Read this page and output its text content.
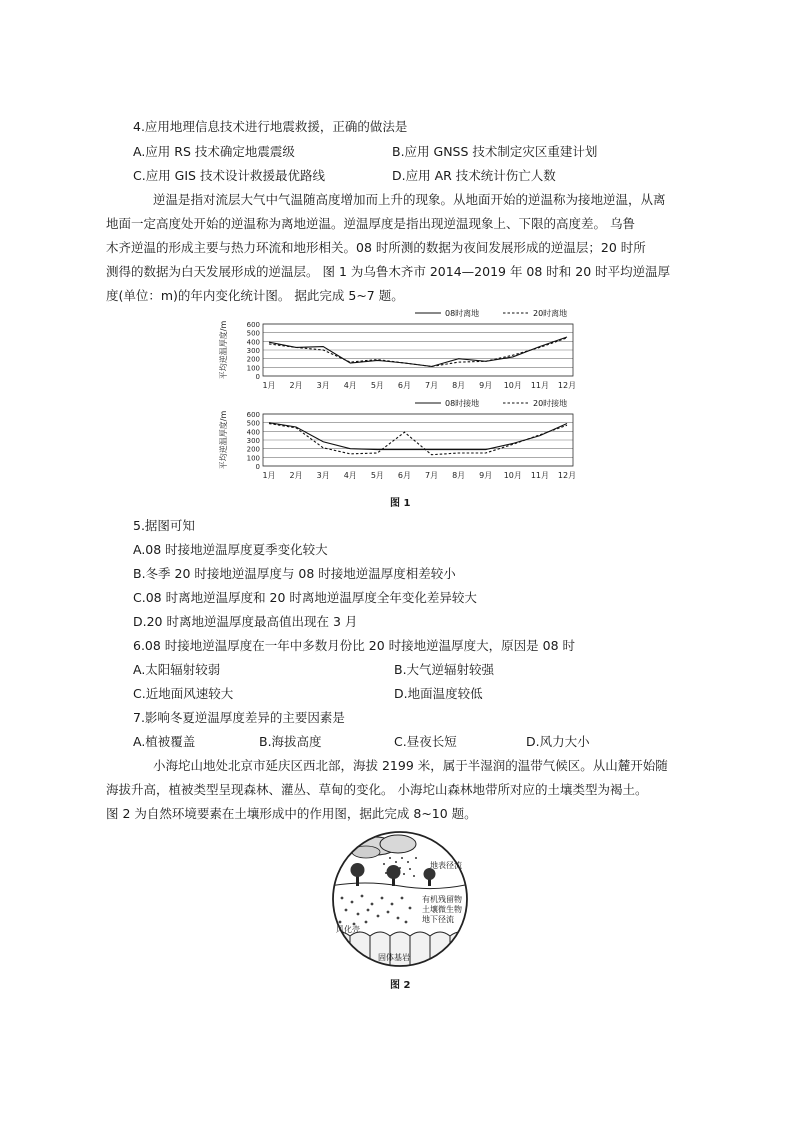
4.应用地理信息技术进行地震救援，正确的做法是
A.应用 RS 技术确定地震震级	B.应用 GNSS 技术制定灾区重建计划
C.应用 GIS 技术设计救援最优路线	D.应用 AR 技术统计伤亡人数
逆温是指对流层大气中气温随高度增加而上升的现象。从地面开始的逆温称为接地逆温，从离
地面一定高度处开始的逆温称为离地逆温。逆温厚度是指出现逆温现象上、下限的高度差。 乌鲁
木齐逆温的形成主要与热力环流和地形相关。08 时所测的数据为夜间发展形成的逆温层；20 时所
测得的数据为白天发展形成的逆温层。 图 1 为乌鲁木齐市 2014—2019 年 08 时和 20 时平均逆温厚
度(单位：m)的年内变化统计图。 据此完成 5~7 题。
平均逆温厚度/m	600
500
400
300
200
100
0
1月 2月 3月 4月 5月 6月 7月 8月 9月 10月 11月 12月
08时离地	20时离地
平均逆温厚度/m	600
500
400
300
200
100
0
1月 2月 3月 4月 5月 6月 7月 8月 9月 10月 11月 12月
08时接地	20时接地
图 1
5.据图可知
A.08 时接地逆温厚度夏季变化较大
B.冬季 20 时接地逆温厚度与 08 时接地逆温厚度相差较小
C.08 时离地逆温厚度和 20 时离地逆温厚度全年变化差异较大
D.20 时离地逆温厚度最高值出现在 3 月
6.08 时接地逆温厚度在一年中多数月份比 20 时接地逆温厚度大，原因是 08 时
A.太阳辐射较弱	B.大气逆辐射较强
C.近地面风速较大	D.地面温度较低
7.影响冬夏逆温厚度差异的主要因素是
A.植被覆盖	B.海拔高度	C.昼夜长短	D.风力大小
小海坨山地处北京市延庆区西北部，海拔 2199 米，属于半湿润的温带气候区。从山麓开始随
海拔升高，植被类型呈现森林、灌丛、草甸的变化。 小海坨山森林地带所对应的土壤类型为褐土。
图 2 为自然环境要素在土壤形成中的作用图，据此完成 8~10 题。
地表径流
有机残留物
土壤微生物
地下径流
风化壳
固体基岩
图 2
